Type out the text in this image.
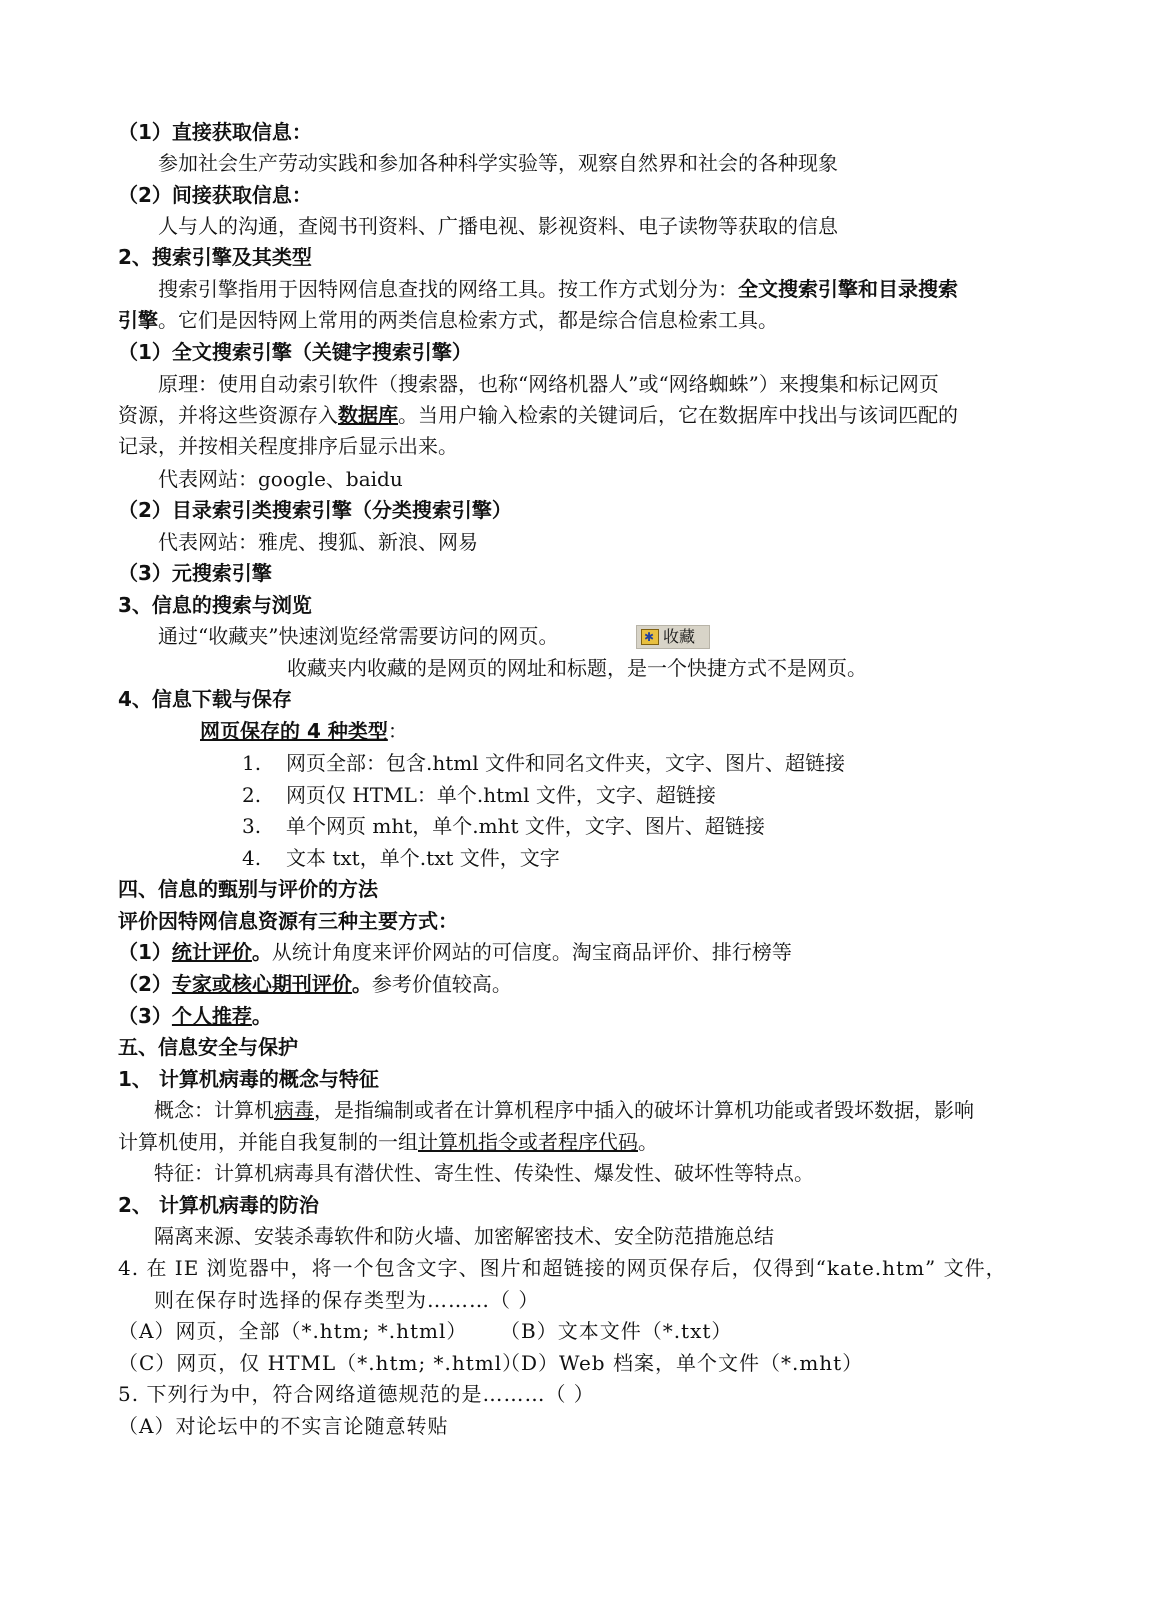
（1）直接获取信息：
参加社会生产劳动实践和参加各种科学实验等，观察自然界和社会的各种现象
（2）间接获取信息：
人与人的沟通，查阅书刊资料、广播电视、影视资料、电子读物等获取的信息
2、搜索引擎及其类型
搜索引擎指用于因特网信息查找的网络工具。按工作方式划分为：全文搜索引擎和目录搜索
引擎。它们是因特网上常用的两类信息检索方式，都是综合信息检索工具。
（1）全文搜索引擎（关键字搜索引擎）
原理：使用自动索引软件（搜索器，也称“网络机器人”或“网络蜘蛛”）来搜集和标记网页
资源，并将这些资源存入数据库。当用户输入检索的关键词后，它在数据库中找出与该词匹配的
记录，并按相关程度排序后显示出来。
代表网站：google、baidu
（2）目录索引类搜索引擎（分类搜索引擎）
代表网站：雅虎、搜狐、新浪、网易
（3）元搜索引擎
3、信息的搜索与浏览
通过“收藏夹”快速浏览经常需要访问的网页。
✱	收藏
收藏夹内收藏的是网页的网址和标题，是一个快捷方式不是网页。
4、信息下载与保存
网页保存的 4 种类型：
1. 网页全部：包含.html 文件和同名文件夹，文字、图片、超链接
2. 网页仅 HTML：单个.html 文件，文字、超链接
3. 单个网页 mht，单个.mht 文件，文字、图片、超链接
4. 文本 txt，单个.txt 文件，文字
四、信息的甄别与评价的方法
评价因特网信息资源有三种主要方式：
（1）统计评价。从统计角度来评价网站的可信度。淘宝商品评价、排行榜等
（2）专家或核心期刊评价。参考价值较高。
（3）个人推荐。
五、信息安全与保护
1、 计算机病毒的概念与特征
概念：计算机病毒，是指编制或者在计算机程序中插入的破坏计算机功能或者毁坏数据，影响
计算机使用，并能自我复制的一组计算机指令或者程序代码。
特征：计算机病毒具有潜伏性、寄生性、传染性、爆发性、破坏性等特点。
2、 计算机病毒的防治
隔离来源、安装杀毒软件和防火墙、加密解密技术、安全防范措施总结
4. 在 IE 浏览器中，将一个包含文字、图片和超链接的网页保存后，仅得到“kate.htm” 文件，
则在保存时选择的保存类型为………（ ）
（A）网页，全部（*.htm; *.html） （B）文本文件（*.txt）
（C）网页，仅 HTML（*.htm; *.html）
（D）Web 档案，单个文件（*.mht）
5. 下列行为中，符合网络道德规范的是………（ ）
（A）对论坛中的不实言论随意转贴
